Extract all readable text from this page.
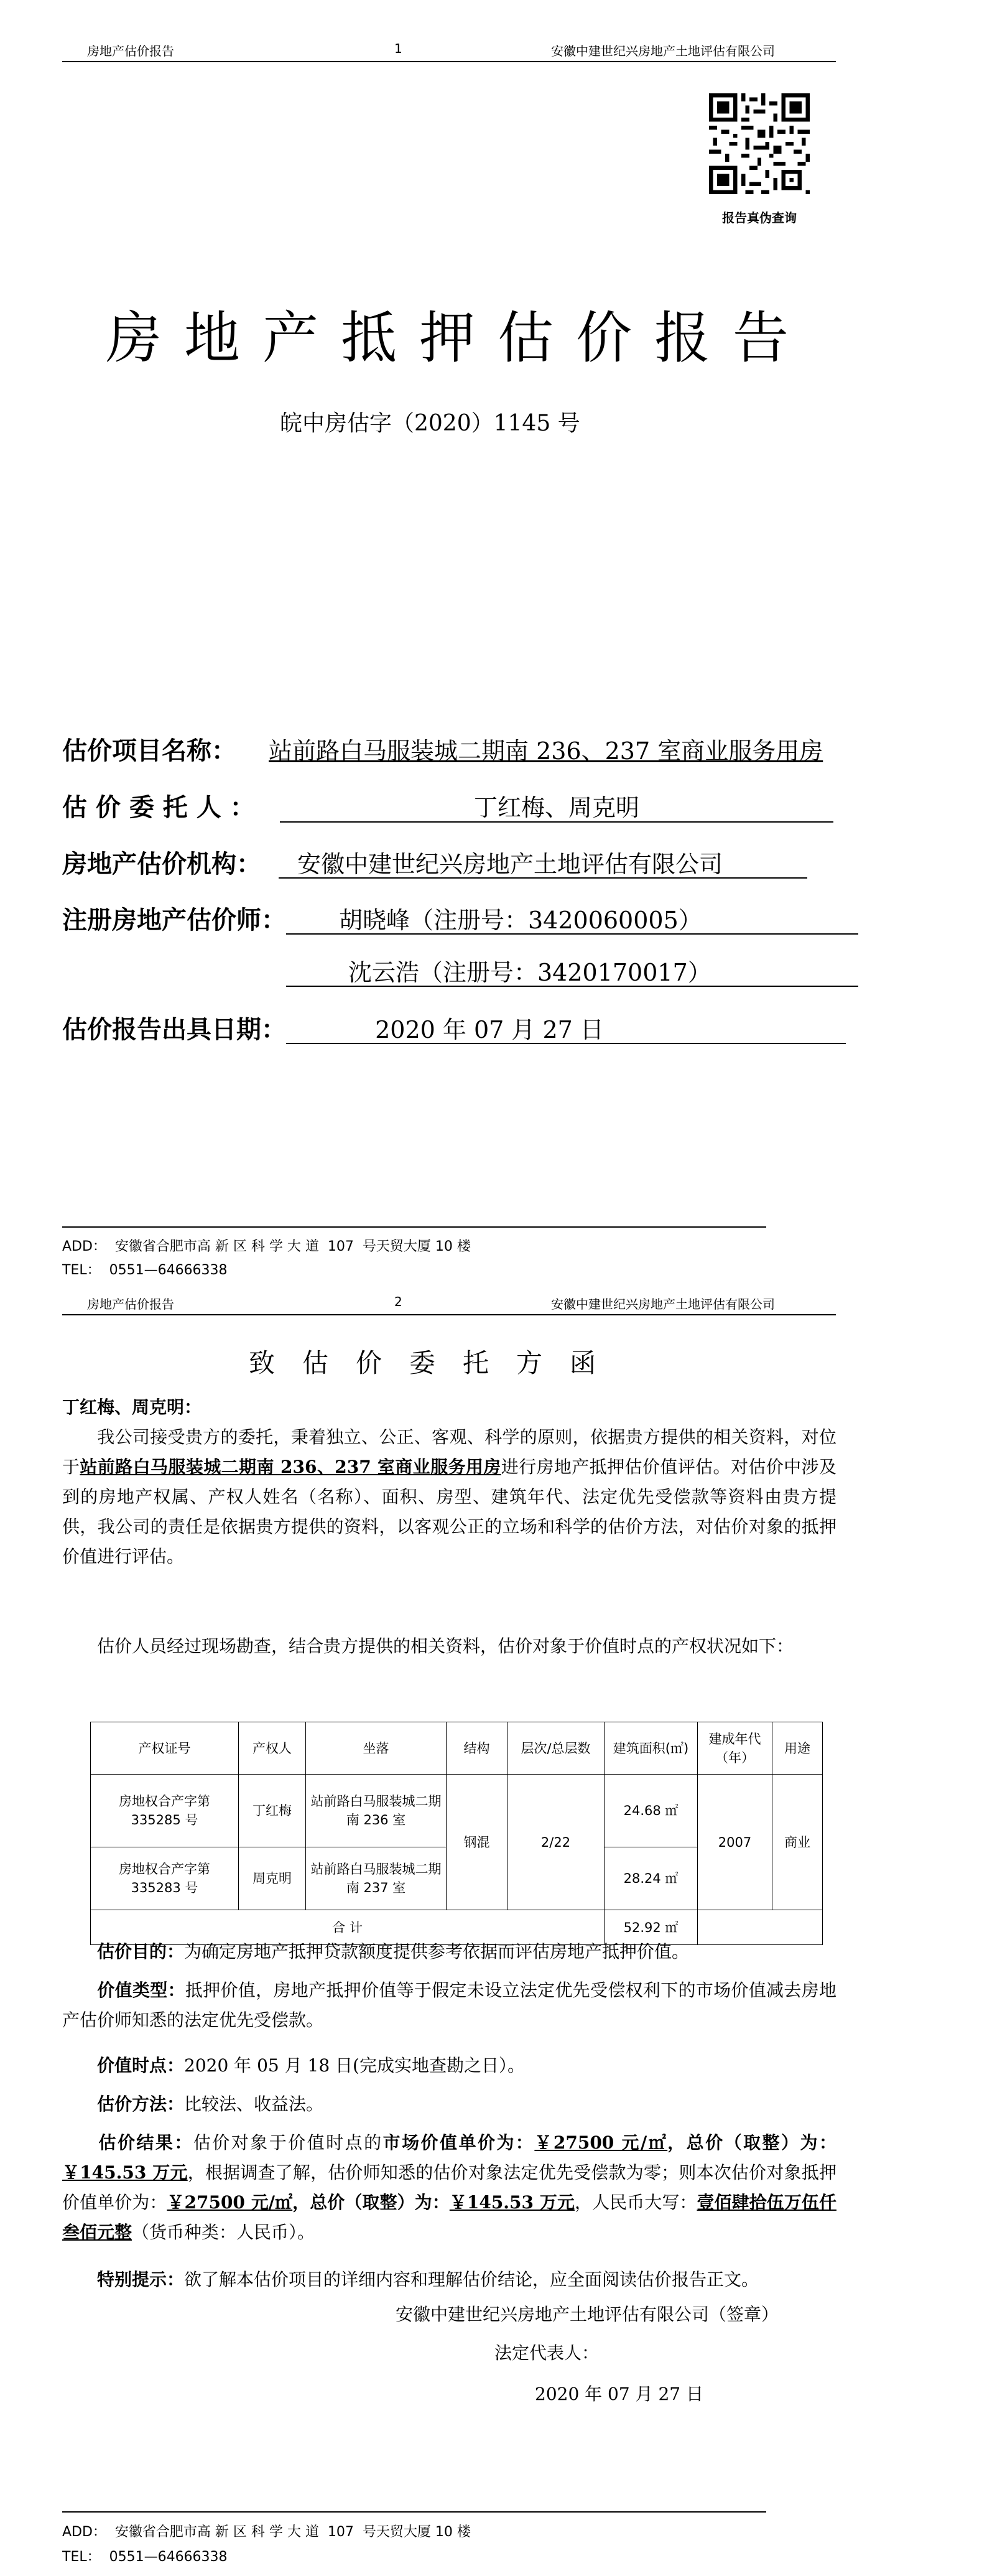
房地产估价报告	1	安徽中建世纪兴房地产土地评估有限公司
报告真伪查询
房地产抵押估价报告
皖中房估字（2020）1145 号
估价项目名称： 站前路白马服装城二期南 236、237 室商业服务用房
估 价 委 托 人 ：	丁红梅、周克明
房地产估价机构： 安徽中建世纪兴房地产土地评估有限公司
注册房地产估价师： 胡晓峰（注册号：3420060005）
沈云浩（注册号：3420170017）
估价报告出具日期：	2020 年 07 月 27 日
ADD：  安徽省合肥市高 新 区 科 学 大 道  107  号天贸大厦 10 楼
TEL：  0551—64666338
房地产估价报告	2	安徽中建世纪兴房地产土地评估有限公司
致估价委托方函
丁红梅、周克明：
我公司接受贵方的委托，秉着独立、公正、客观、科学的原则，依据贵方提供的相关资料，对位于站前路白马服装城二期南 236、237 室商业服务用房进行房地产抵押估价值评估。对估价中涉及到的房地产权属、产权人姓名（名称）、面积、房型、建筑年代、法定优先受偿款等资料由贵方提供，我公司的责任是依据贵方提供的资料，以客观公正的立场和科学的估价方法，对估价对象的抵押价值进行评估。
估价人员经过现场勘查，结合贵方提供的相关资料，估价对象于价值时点的产权状况如下：
产权证号	产权人	坐落	结构	层次/总层数	建筑面积(㎡)	建成年代（年）	用途
房地权合产字第 335285 号	丁红梅	站前路白马服装城二期南 236 室	钢混	2/22	24.68 ㎡	2007	商业
房地权合产字第 335283 号	周克明	站前路白马服装城二期南 237 室			28.24 ㎡		
合 计					52.92 ㎡		
估价目的：为确定房地产抵押贷款额度提供参考依据而评估房地产抵押价值。
价值类型：抵押价值，房地产抵押价值等于假定未设立法定优先受偿权利下的市场价值减去房地产估价师知悉的法定优先受偿款。
价值时点：2020 年 05 月 18 日(完成实地查勘之日）。
估价方法：比较法、收益法。
估价结果：估价对象于价值时点的市场价值单价为：￥27500 元/㎡，总价（取整）为：￥145.53 万元，根据调查了解，估价师知悉的估价对象法定优先受偿款为零；则本次估价对象抵押价值单价为：￥27500 元/㎡，总价（取整）为：￥145.53 万元，人民币大写：壹佰肆拾伍万伍仟叁佰元整（货币种类：人民币）。
特别提示：欲了解本估价项目的详细内容和理解估价结论，应全面阅读估价报告正文。
安徽中建世纪兴房地产土地评估有限公司（签章）
法定代表人：
2020 年 07 月 27 日
ADD：  安徽省合肥市高 新 区 科 学 大 道  107  号天贸大厦 10 楼
TEL：  0551—64666338
